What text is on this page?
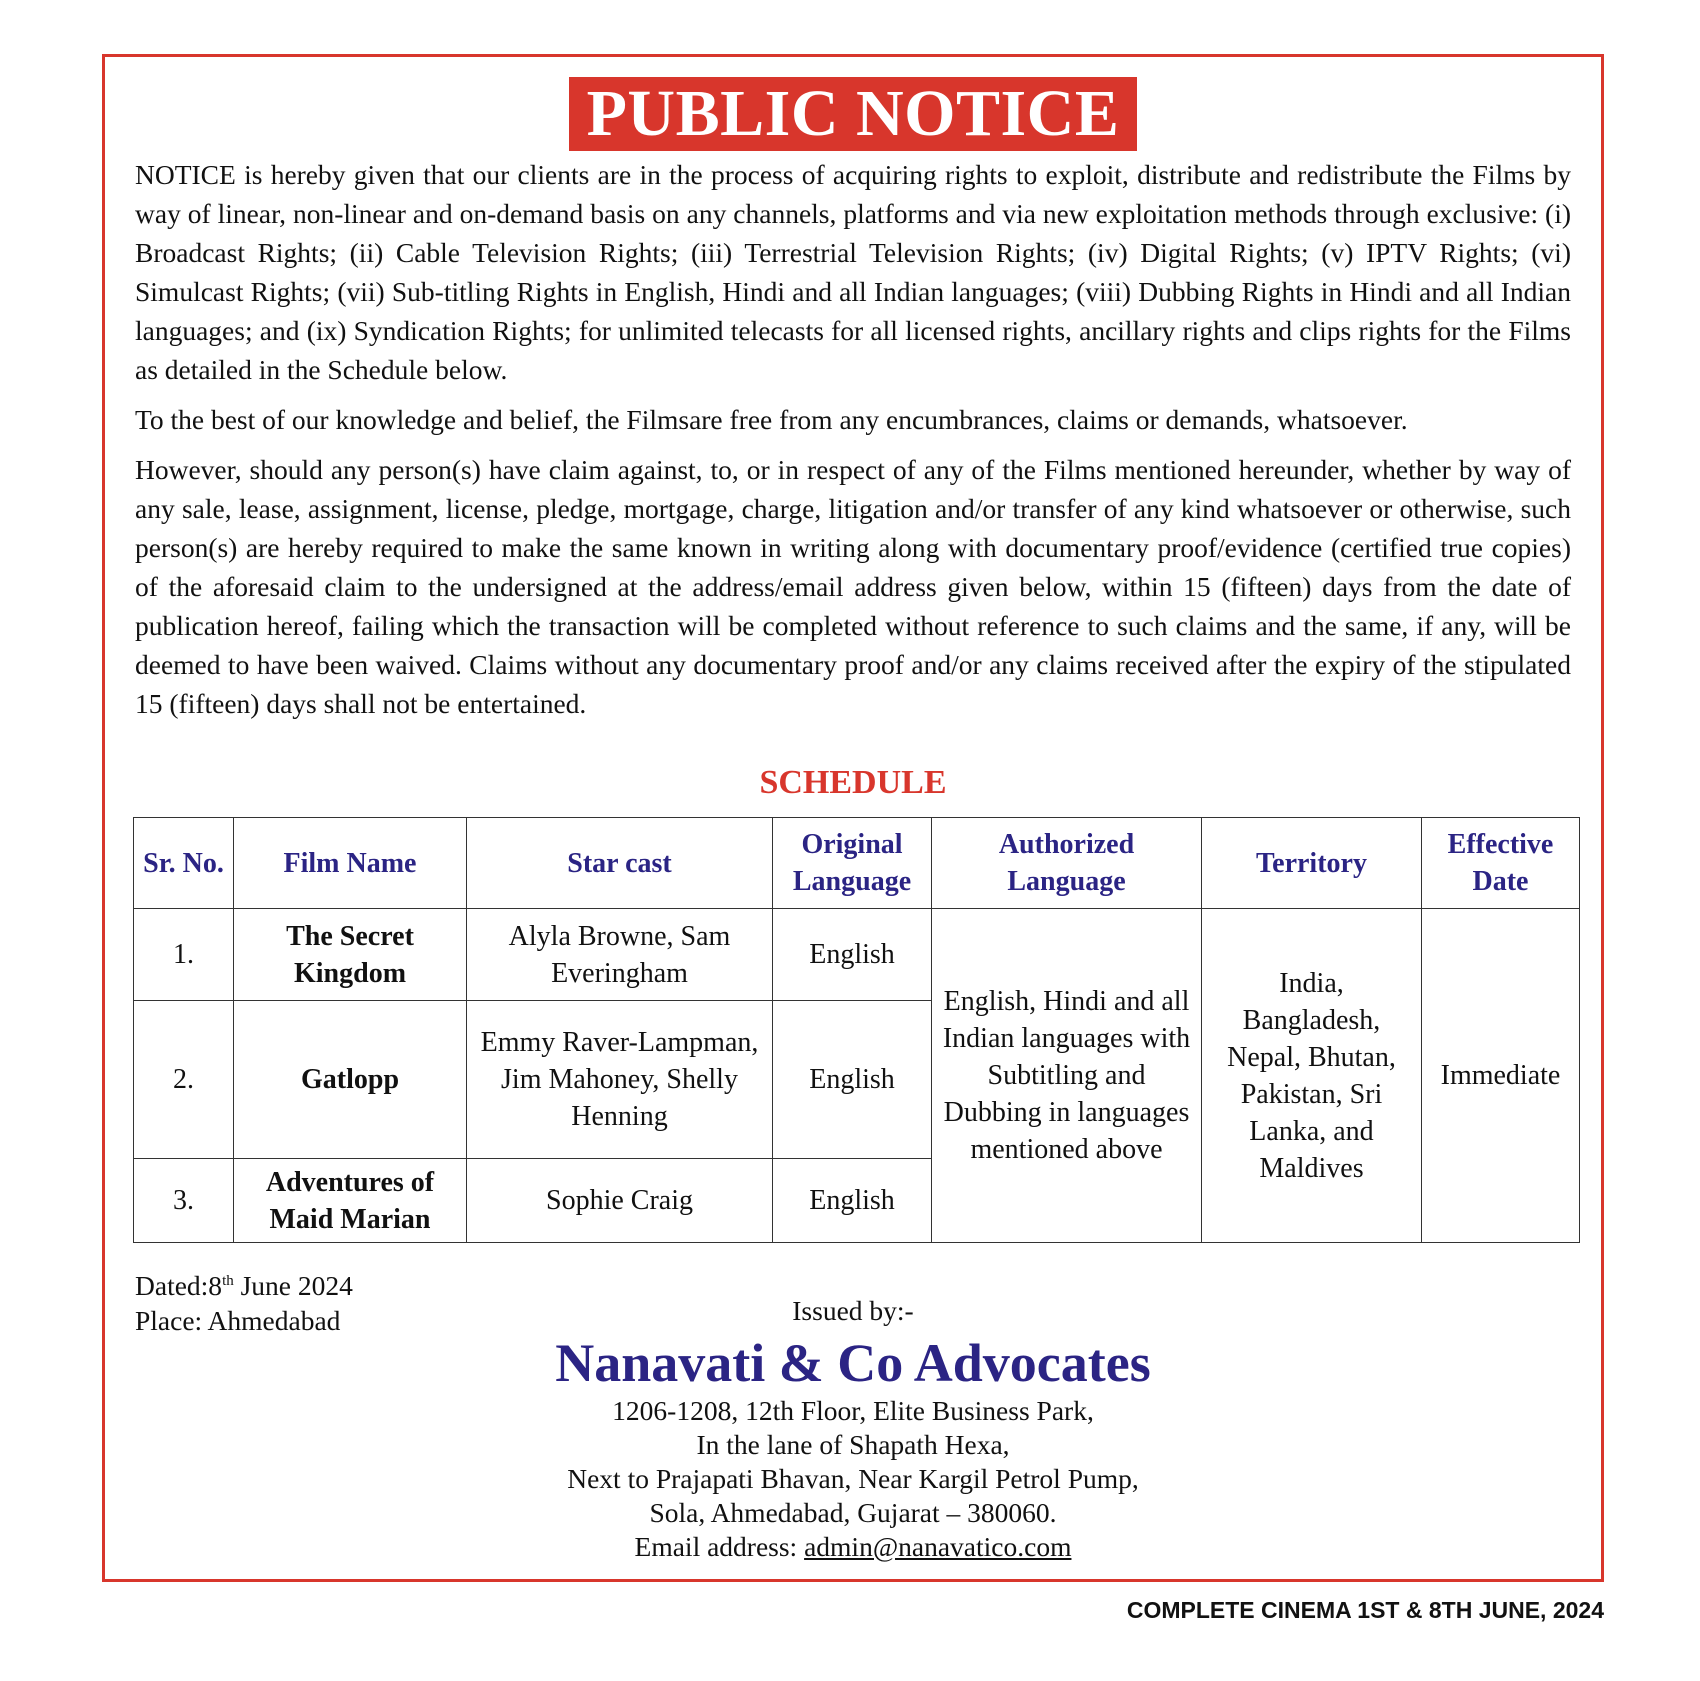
PUBLIC NOTICE

NOTICE is hereby given that our clients are in the process of acquiring rights to exploit, distribute and redistribute the Films by way of linear, non-linear and on-demand basis on any channels, platforms and via new exploitation methods through exclusive: (i) Broadcast Rights; (ii) Cable Television Rights; (iii) Terrestrial Television Rights; (iv) Digital Rights; (v) IPTV Rights; (vi) Simulcast Rights; (vii) Sub-titling Rights in English, Hindi and all Indian languages; (viii) Dubbing Rights in Hindi and all Indian languages; and (ix) Syndication Rights; for unlimited telecasts for all licensed rights, ancillary rights and clips rights for the Films as detailed in the Schedule below.

To the best of our knowledge and belief, the Filmsare free from any encumbrances, claims or demands, whatsoever.

However, should any person(s) have claim against, to, or in respect of any of the Films mentioned hereunder, whether by way of any sale, lease, assignment, license, pledge, mortgage, charge, litigation and/or transfer of any kind whatsoever or otherwise, such person(s) are hereby required to make the same known in writing along with documentary proof/evidence (certified true copies) of the aforesaid claim to the undersigned at the address/email address given below, within 15 (fifteen) days from the date of publication hereof, failing which the transaction will be completed without reference to such claims and the same, if any, will be deemed to have been waived. Claims without any documentary proof and/or any claims received after the expiry of the stipulated 15 (fifteen) days shall not be entertained.

SCHEDULE
Sr. No.	Film Name	Star cast	Original Language	Authorized Language	Territory	Effective Date
1.	The Secret Kingdom	Alyla Browne, Sam Everingham	English	English, Hindi and all Indian languages with Subtitling and Dubbing in languages mentioned above	India, Bangladesh, Nepal, Bhutan, Pakistan, Sri Lanka, and Maldives	Immediate
2.	Gatlopp	Emmy Raver-Lampman, Jim Mahoney, Shelly Henning	English			
3.	Adventures of Maid Marian	Sophie Craig	English			
Dated:8th June 2024
Place: Ahmedabad	Issued by:-
Nanavati & Co Advocates
1206-1208, 12th Floor, Elite Business Park,
In the lane of Shapath Hexa,
Next to Prajapati Bhavan, Near Kargil Petrol Pump,
Sola, Ahmedabad, Gujarat – 380060.
Email address: admin@nanavatico.com
COMPLETE CINEMA 1ST & 8TH JUNE, 2024
